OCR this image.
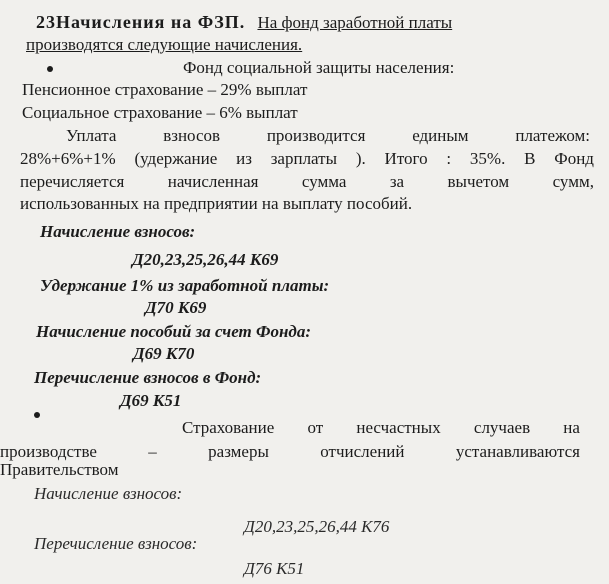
23Начисления на ФЗП. На фонд заработной платы
производятся следующие начисления.
Фонд социальной защиты населения:
Пенсионное страхование – 29% выплат
Социальное страхование – 6% выплат
Уплата	взносов	производится	единым	платежом:
28%+6%+1% (удержание из зарплаты ). Итого : 35%. В Фонд
перечисляется	начисленная	сумма	за	вычетом	сумм,
использованных на предприятии на выплату пособий.
Начисление взносов:
Д20,23,25,26,44 К69
Удержание 1% из заработной платы:
Д70 К69
Начисление пособий за счет Фонда:
Д69 К70
Перечисление взносов в Фонд:
Д69 К51
Страхование от несчастных случаев на
производстве	–	размеры	отчислений	устанавливаются
Правительством
Начисление взносов:
Д20,23,25,26,44 К76
Перечисление взносов:
Д76 К51
